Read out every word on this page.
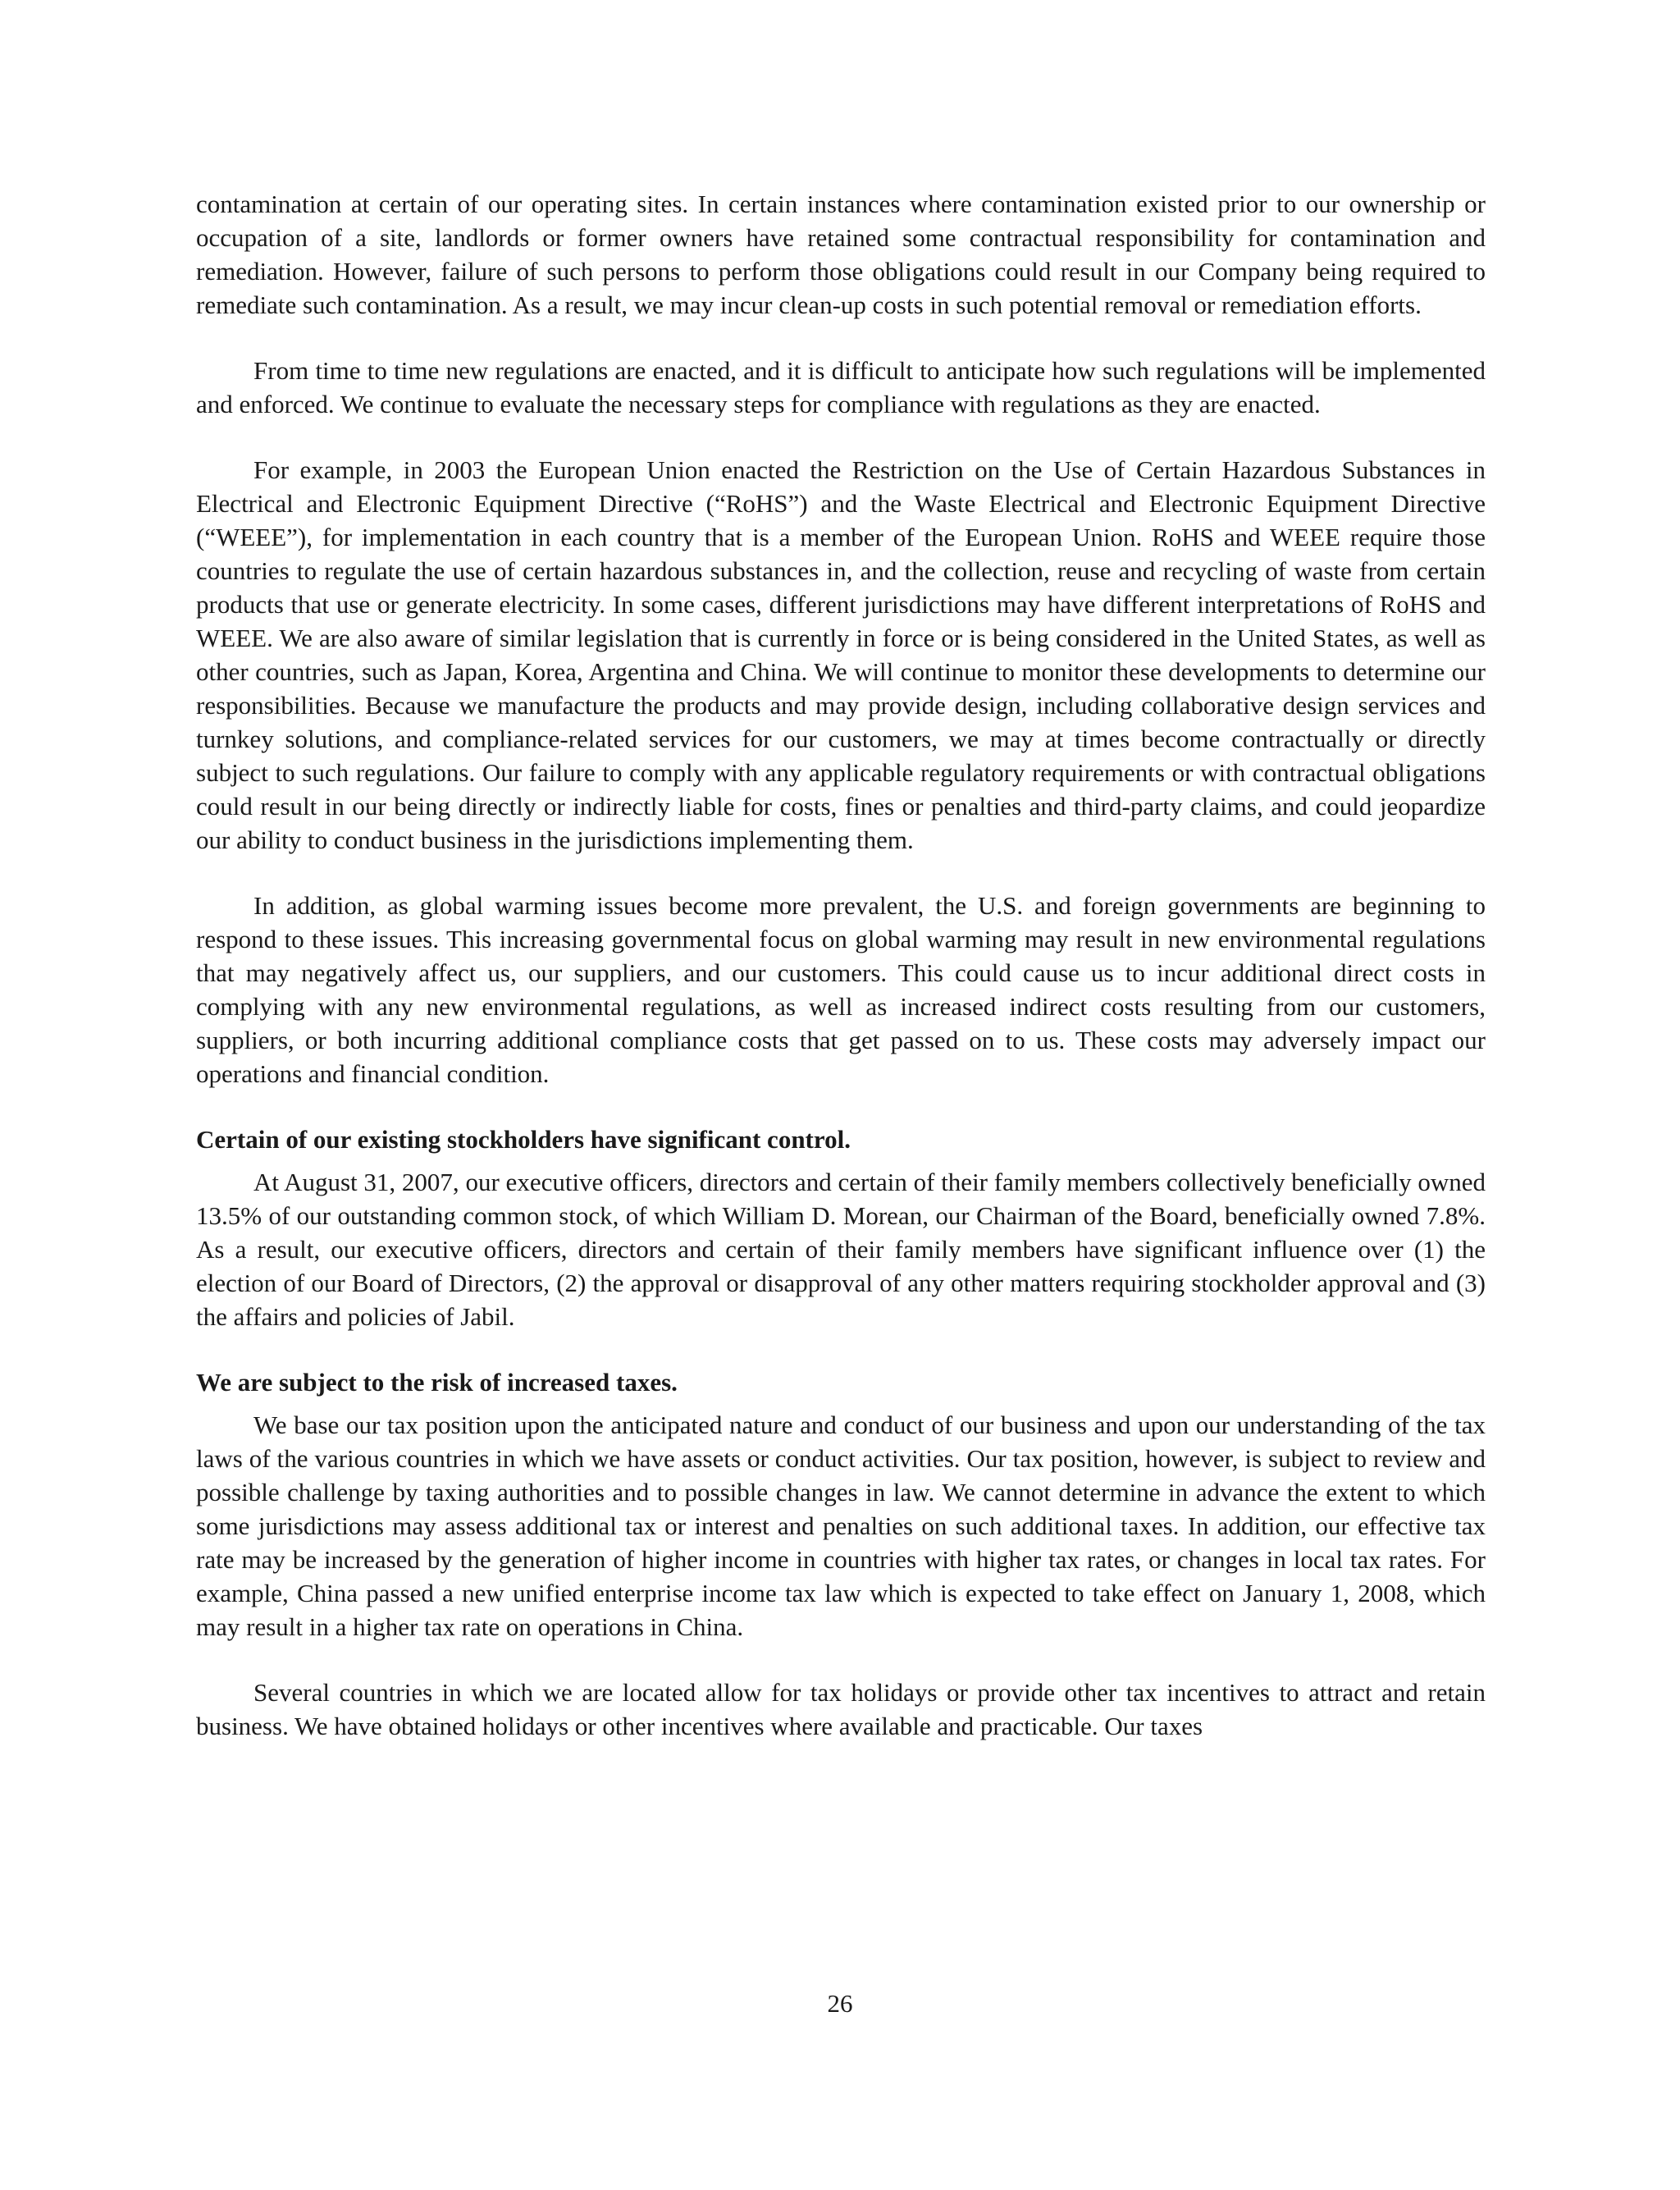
contamination at certain of our operating sites. In certain instances where contamination existed prior to our ownership or occupation of a site, landlords or former owners have retained some contractual responsibility for contamination and remediation. However, failure of such persons to perform those obligations could result in our Company being required to remediate such contamination. As a result, we may incur clean-up costs in such potential removal or remediation efforts.

From time to time new regulations are enacted, and it is difficult to anticipate how such regulations will be implemented and enforced. We continue to evaluate the necessary steps for compliance with regulations as they are enacted.

For example, in 2003 the European Union enacted the Restriction on the Use of Certain Hazardous Substances in Electrical and Electronic Equipment Directive (“RoHS”) and the Waste Electrical and Electronic Equipment Directive (“WEEE”), for implementation in each country that is a member of the European Union. RoHS and WEEE require those countries to regulate the use of certain hazardous substances in, and the collection, reuse and recycling of waste from certain products that use or generate electricity. In some cases, different jurisdictions may have different interpretations of RoHS and WEEE. We are also aware of similar legislation that is currently in force or is being considered in the United States, as well as other countries, such as Japan, Korea, Argentina and China. We will continue to monitor these developments to determine our responsibilities. Because we manufacture the products and may provide design, including collaborative design services and turnkey solutions, and compliance-related services for our customers, we may at times become contractually or directly subject to such regulations. Our failure to comply with any applicable regulatory requirements or with contractual obligations could result in our being directly or indirectly liable for costs, fines or penalties and third-party claims, and could jeopardize our ability to conduct business in the jurisdictions implementing them.

In addition, as global warming issues become more prevalent, the U.S. and foreign governments are beginning to respond to these issues. This increasing governmental focus on global warming may result in new environmental regulations that may negatively affect us, our suppliers, and our customers. This could cause us to incur additional direct costs in complying with any new environmental regulations, as well as increased indirect costs resulting from our customers, suppliers, or both incurring additional compliance costs that get passed on to us. These costs may adversely impact our operations and financial condition.

Certain of our existing stockholders have significant control.

At August 31, 2007, our executive officers, directors and certain of their family members collectively beneficially owned 13.5% of our outstanding common stock, of which William D. Morean, our Chairman of the Board, beneficially owned 7.8%. As a result, our executive officers, directors and certain of their family members have significant influence over (1) the election of our Board of Directors, (2) the approval or disapproval of any other matters requiring stockholder approval and (3) the affairs and policies of Jabil.

We are subject to the risk of increased taxes.

We base our tax position upon the anticipated nature and conduct of our business and upon our understanding of the tax laws of the various countries in which we have assets or conduct activities. Our tax position, however, is subject to review and possible challenge by taxing authorities and to possible changes in law. We cannot determine in advance the extent to which some jurisdictions may assess additional tax or interest and penalties on such additional taxes. In addition, our effective tax rate may be increased by the generation of higher income in countries with higher tax rates, or changes in local tax rates. For example, China passed a new unified enterprise income tax law which is expected to take effect on January 1, 2008, which may result in a higher tax rate on operations in China.

Several countries in which we are located allow for tax holidays or provide other tax incentives to attract and retain business. We have obtained holidays or other incentives where available and practicable. Our taxes

26
